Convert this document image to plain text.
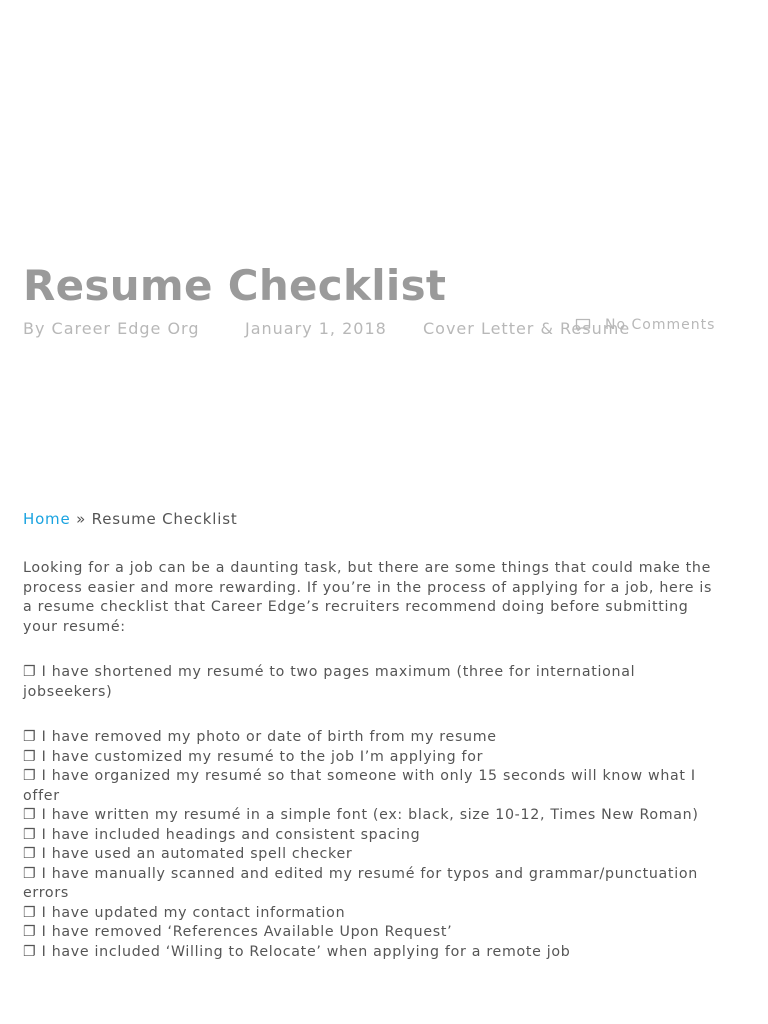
Resume Checklist
By Career Edge Org	January 1, 2018 Cover Letter & Resume
No Comments
Home » Resume Checklist

Looking for a job can be a daunting task, but there are some things that could make the process easier and more rewarding. If you’re in the process of applying for a job, here is a resume checklist that Career Edge’s recruiters recommend doing before submitting your resumé:

❐ I have shortened my resumé to two pages maximum (three for international jobseekers)

❐ I have removed my photo or date of birth from my resume
❐ I have customized my resumé to the job I’m applying for
❐ I have organized my resumé so that someone with only 15 seconds will know what I offer
❐ I have written my resumé in a simple font (ex: black, size 10-12, Times New Roman)
❐ I have included headings and consistent spacing
❐ I have used an automated spell checker
❐ I have manually scanned and edited my resumé for typos and grammar/punctuation errors
❐ I have updated my contact information
❐ I have removed ‘References Available Upon Request’
❐ I have included ‘Willing to Relocate’ when applying for a remote job
